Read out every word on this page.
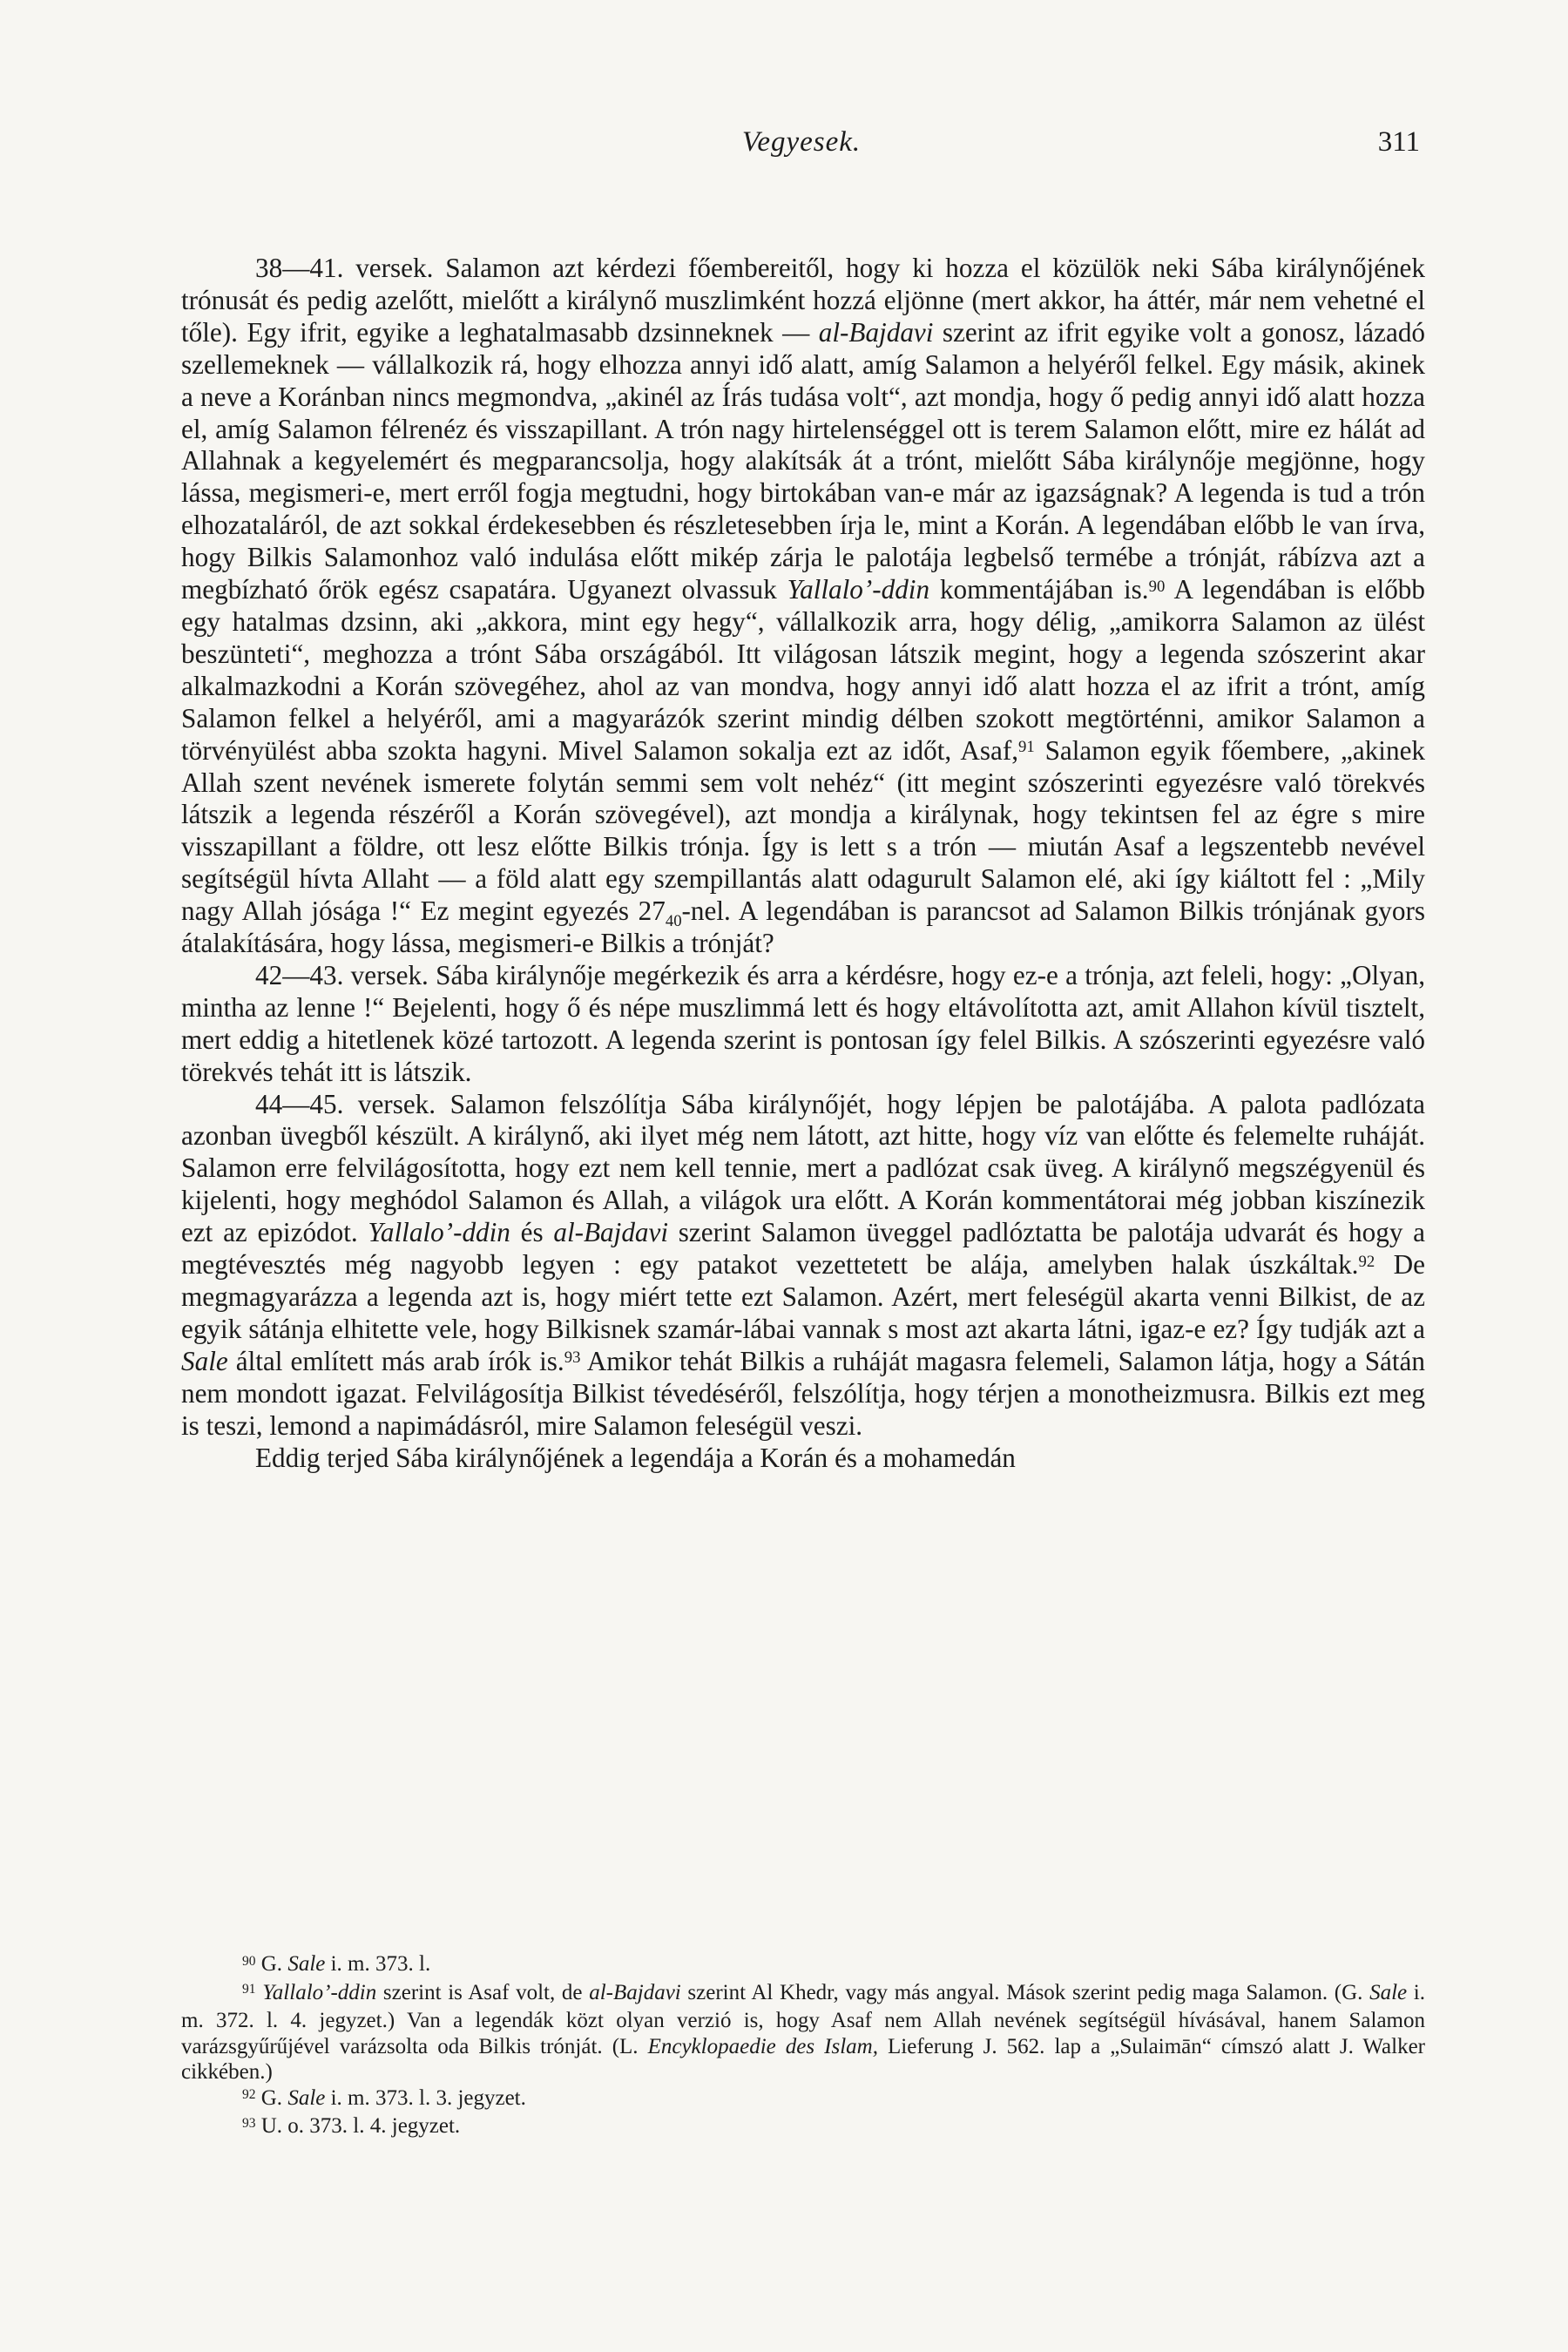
Vegyesek.	311

38—41. versek. Salamon azt kérdezi főembereitől, hogy ki hozza el közülök neki Sába királynőjének trónusát és pedig azelőtt, mielőtt a királynő muszlimként hozzá eljönne (mert akkor, ha áttér, már nem vehetné el tőle). Egy ifrit, egyike a leghatalmasabb dzsinneknek — al-Bajdavi szerint az ifrit egyike volt a gonosz, lázadó szellemeknek — vállalkozik rá, hogy elhozza annyi idő alatt, amíg Salamon a helyéről felkel. Egy másik, akinek a neve a Koránban nincs megmondva, „akinél az Írás tudása volt“, azt mondja, hogy ő pedig annyi idő alatt hozza el, amíg Salamon félrenéz és visszapillant. A trón nagy hirtelenséggel ott is terem Salamon előtt, mire ez hálát ad Allahnak a kegyelemért és megparancsolja, hogy alakítsák át a trónt, mielőtt Sába királynője megjönne, hogy lássa, megismeri-e, mert erről fogja megtudni, hogy birtokában van-e már az igazságnak? A legenda is tud a trón elhozataláról, de azt sokkal érdekesebben és részletesebben írja le, mint a Korán. A legendában előbb le van írva, hogy Bilkis Salamonhoz való indulása előtt mikép zárja le palotája legbelső termébe a trónját, rábízva azt a megbízható őrök egész csapatára. Ugyanezt olvassuk Yallalo’-ddin kommentájában is.$^{90}$ A legendában is előbb egy hatalmas dzsinn, aki „akkora, mint egy hegy“, vállalkozik arra, hogy délig, „amikorra Salamon az ülést beszünteti“, meghozza a trónt Sába országából. Itt világosan látszik megint, hogy a legenda szószerint akar alkalmazkodni a Korán szövegéhez, ahol az van mondva, hogy annyi idő alatt hozza el az ifrit a trónt, amíg Salamon felkel a helyéről, ami a magyarázók szerint mindig délben szokott megtörténni, amikor Salamon a törvényülést abba szokta hagyni. Mivel Salamon sokalja ezt az időt, Asaf,$^{91}$ Salamon egyik főembere, „akinek Allah szent nevének ismerete folytán semmi sem volt nehéz“ (itt megint szószerinti egyezésre való törekvés látszik a legenda részéről a Korán szövegével), azt mondja a királynak, hogy tekintsen fel az égre s mire visszapillant a földre, ott lesz előtte Bilkis trónja. Így is lett s a trón — miután Asaf a legszentebb nevével segítségül hívta Allaht — a föld alatt egy szempillantás alatt odagurult Salamon elé, aki így kiáltott fel : „Mily nagy Allah jósága !“ Ez megint egyezés $27_{40}$-nel. A legendában is parancsot ad Salamon Bilkis trónjának gyors átalakítására, hogy lássa, megismeri-e Bilkis a trónját?

42—43. versek. Sába királynője megérkezik és arra a kérdésre, hogy ez-e a trónja, azt feleli, hogy: „Olyan, mintha az lenne !“ Bejelenti, hogy ő és népe muszlimmá lett és hogy eltávolította azt, amit Allahon kívül tisztelt, mert eddig a hitetlenek közé tartozott. A legenda szerint is pontosan így felel Bilkis. A szószerinti egyezésre való törekvés tehát itt is látszik.

44—45. versek. Salamon felszólítja Sába királynőjét, hogy lépjen be palotájába. A palota padlózata azonban üvegből készült. A királynő, aki ilyet még nem látott, azt hitte, hogy víz van előtte és felemelte ruháját. Salamon erre felvilágosította, hogy ezt nem kell tennie, mert a padlózat csak üveg. A királynő megszégyenül és kijelenti, hogy meghódol Salamon és Allah, a világok ura előtt. A Korán kommentátorai még jobban kiszínezik ezt az epizódot. Yallalo’-ddin és al-Bajdavi szerint Salamon üveggel padlóztatta be palotája udvarát és hogy a megtévesztés még nagyobb legyen : egy patakot vezettetett be alája, amelyben halak úszkáltak.$^{92}$ De megmagyarázza a legenda azt is, hogy miért tette ezt Salamon. Azért, mert feleségül akarta venni Bilkist, de az egyik sátánja elhitette vele, hogy Bilkisnek szamár-lábai vannak s most azt akarta látni, igaz-e ez? Így tudják azt a Sale által említett más arab írók is.$^{93}$ Amikor tehát Bilkis a ruháját magasra felemeli, Salamon látja, hogy a Sátán nem mondott igazat. Felvilágosítja Bilkist tévedéséről, felszólítja, hogy térjen a monotheizmusra. Bilkis ezt meg is teszi, lemond a napimádásról, mire Salamon feleségül veszi.

Eddig terjed Sába királynőjének a legendája a Korán és a mohamedán

$^{90}$ G. Sale i. m. 373. l.

$^{91}$ Yallalo’-ddin szerint is Asaf volt, de al-Bajdavi szerint Al Khedr, vagy más angyal. Mások szerint pedig maga Salamon. (G. Sale i. m. 372. l. 4. jegyzet.) Van a legendák közt olyan verzió is, hogy Asaf nem Allah nevének segítségül hívásával, hanem Salamon varázsgyűrűjével varázsolta oda Bilkis trónját. (L. Encyklopaedie des Islam, Lieferung J. 562. lap a „Sulaimān“ címszó alatt J. Walker cikkében.)

$^{92}$ G. Sale i. m. 373. l. 3. jegyzet.

$^{93}$ U. o. 373. l. 4. jegyzet.
